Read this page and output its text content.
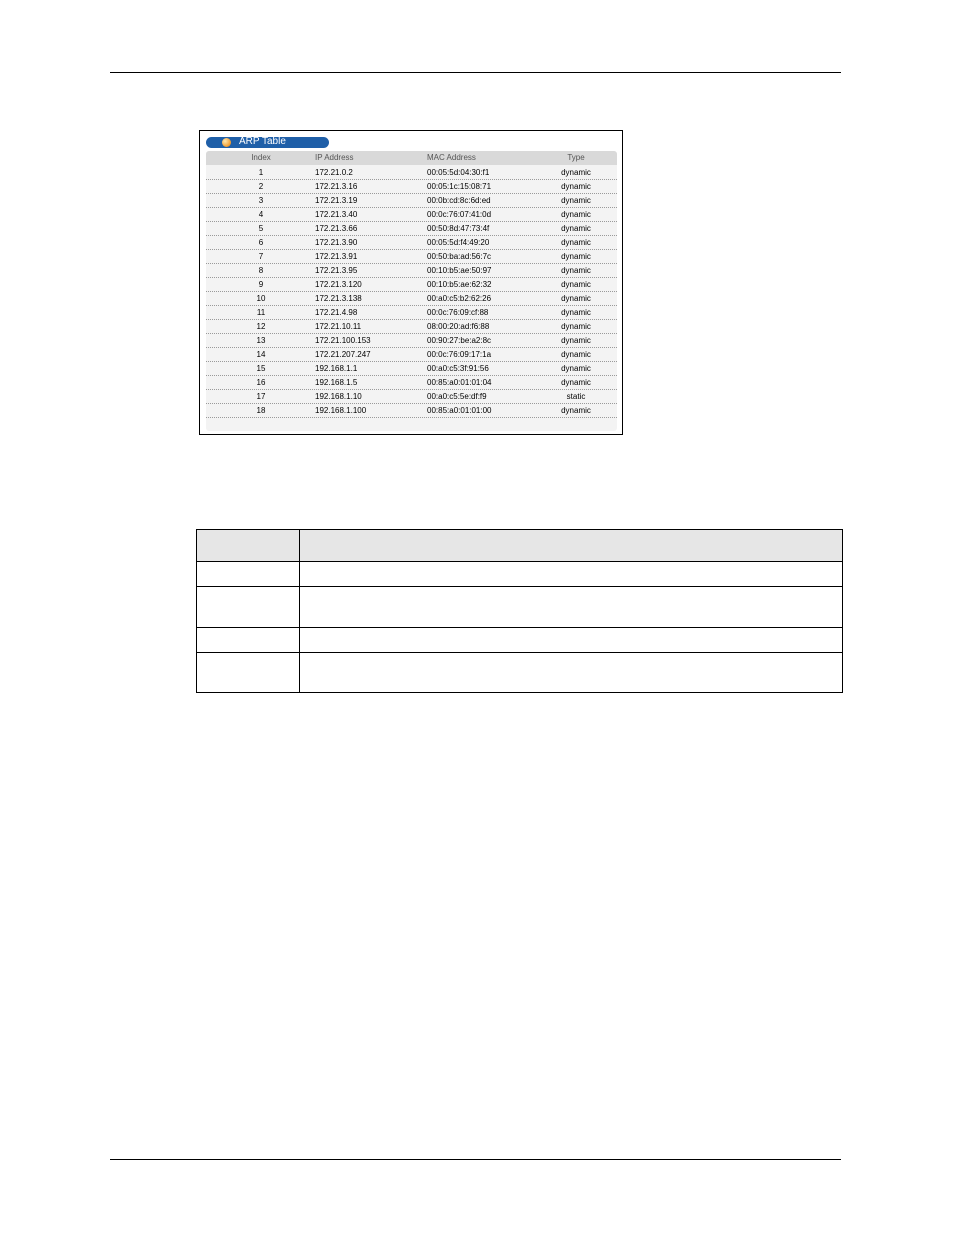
ARP Table
Index	IP Address	MAC Address	Type
1	172.21.0.2	00:05:5d:04:30:f1	dynamic
2	172.21.3.16	00:05:1c:15:08:71	dynamic
3	172.21.3.19	00:0b:cd:8c:6d:ed	dynamic
4	172.21.3.40	00:0c:76:07:41:0d	dynamic
5	172.21.3.66	00:50:8d:47:73:4f	dynamic
6	172.21.3.90	00:05:5d:f4:49:20	dynamic
7	172.21.3.91	00:50:ba:ad:56:7c	dynamic
8	172.21.3.95	00:10:b5:ae:50:97	dynamic
9	172.21.3.120	00:10:b5:ae:62:32	dynamic
10	172.21.3.138	00:a0:c5:b2:62:26	dynamic
11	172.21.4.98	00:0c:76:09:cf:88	dynamic
12	172.21.10.11	08:00:20:ad:f6:88	dynamic
13	172.21.100.153	00:90:27:be:a2:8c	dynamic
14	172.21.207.247	00:0c:76:09:17:1a	dynamic
15	192.168.1.1	00:a0:c5:3f:91:56	dynamic
16	192.168.1.5	00:85:a0:01:01:04	dynamic
17	192.168.1.10	00:a0:c5:5e:df:f9	static
18	192.168.1.100	00:85:a0:01:01:00	dynamic
